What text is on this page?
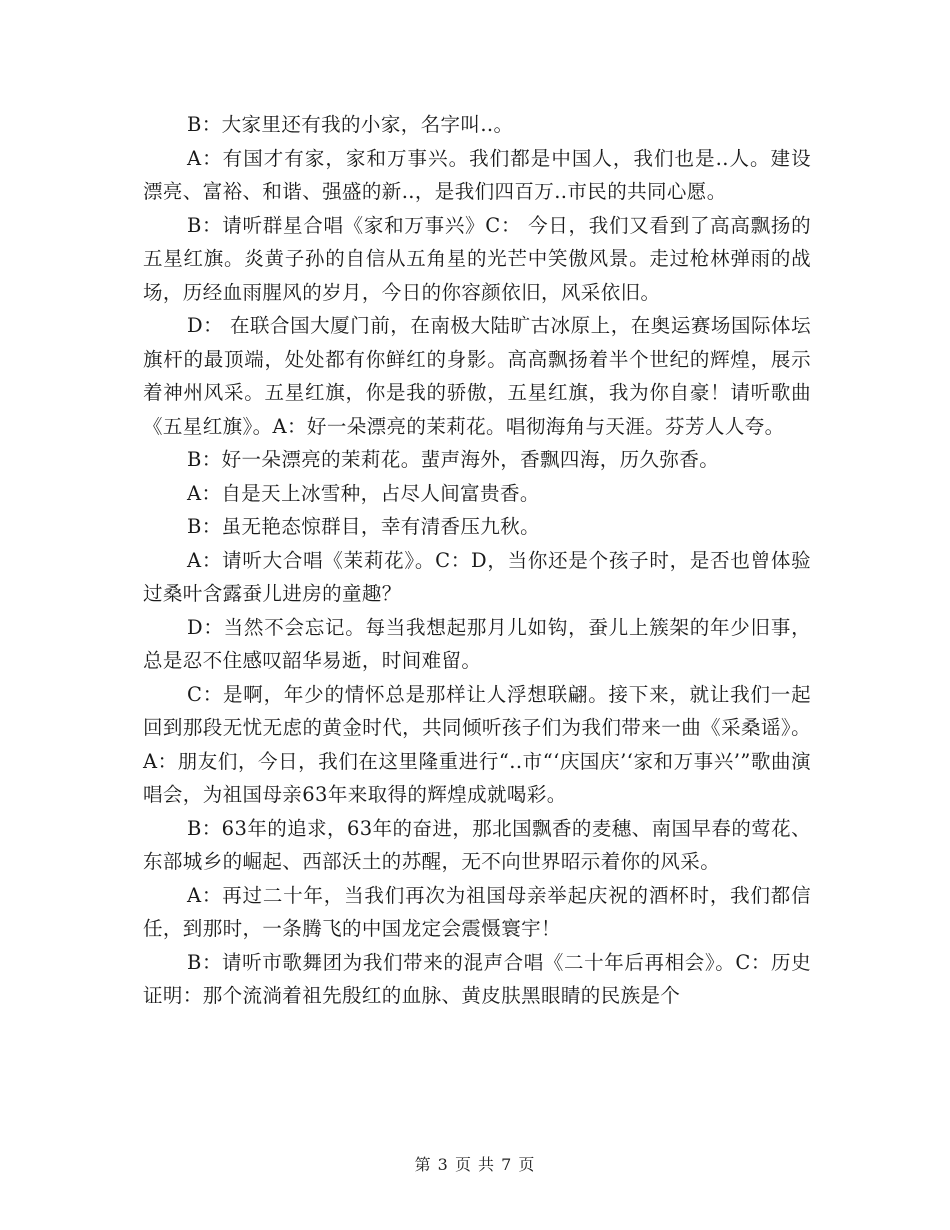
B：大家里还有我的小家，名字叫..。

A：有国才有家，家和万事兴。我们都是中国人，我们也是..人。建设漂亮、富裕、和谐、强盛的新..，是我们四百万..市民的共同心愿。

B：请听群星合唱《家和万事兴》C： 今日，我们又看到了高高飘扬的五星红旗。炎黄子孙的自信从五角星的光芒中笑傲风景。走过枪林弹雨的战场，历经血雨腥风的岁月，今日的你容颜依旧，风采依旧。

D： 在联合国大厦门前，在南极大陆旷古冰原上，在奥运赛场国际体坛旗杆的最顶端，处处都有你鲜红的身影。高高飘扬着半个世纪的辉煌，展示着神州风采。五星红旗，你是我的骄傲，五星红旗，我为你自豪！请听歌曲《五星红旗》。A：好一朵漂亮的茉莉花。唱彻海角与天涯。芬芳人人夸。

B：好一朵漂亮的茉莉花。蜚声海外，香飘四海，历久弥香。

A：自是天上冰雪种，占尽人间富贵香。

B：虽无艳态惊群目，幸有清香压九秋。

A：请听大合唱《茉莉花》。C：D，当你还是个孩子时，是否也曾体验过桑叶含露蚕儿进房的童趣？

D：当然不会忘记。每当我想起那月儿如钩，蚕儿上簇架的年少旧事，总是忍不住感叹韶华易逝，时间难留。

C：是啊，年少的情怀总是那样让人浮想联翩。接下来，就让我们一起回到那段无忧无虑的黄金时代，共同倾听孩子们为我们带来一曲《采桑谣》。A：朋友们，今日，我们在这里隆重进行“..市“‘庆国庆’‘家和万事兴’”歌曲演唱会，为祖国母亲63年来取得的辉煌成就喝彩。

B：63年的追求，63年的奋进，那北国飘香的麦穗、南国早春的莺花、东部城乡的崛起、西部沃土的苏醒，无不向世界昭示着你的风采。

A：再过二十年，当我们再次为祖国母亲举起庆祝的酒杯时，我们都信任，到那时，一条腾飞的中国龙定会震慑寰宇！

B：请听市歌舞团为我们带来的混声合唱《二十年后再相会》。C：历史证明：那个流淌着祖先殷红的血脉、黄皮肤黑眼睛的民族是个

第 3 页 共 7 页
